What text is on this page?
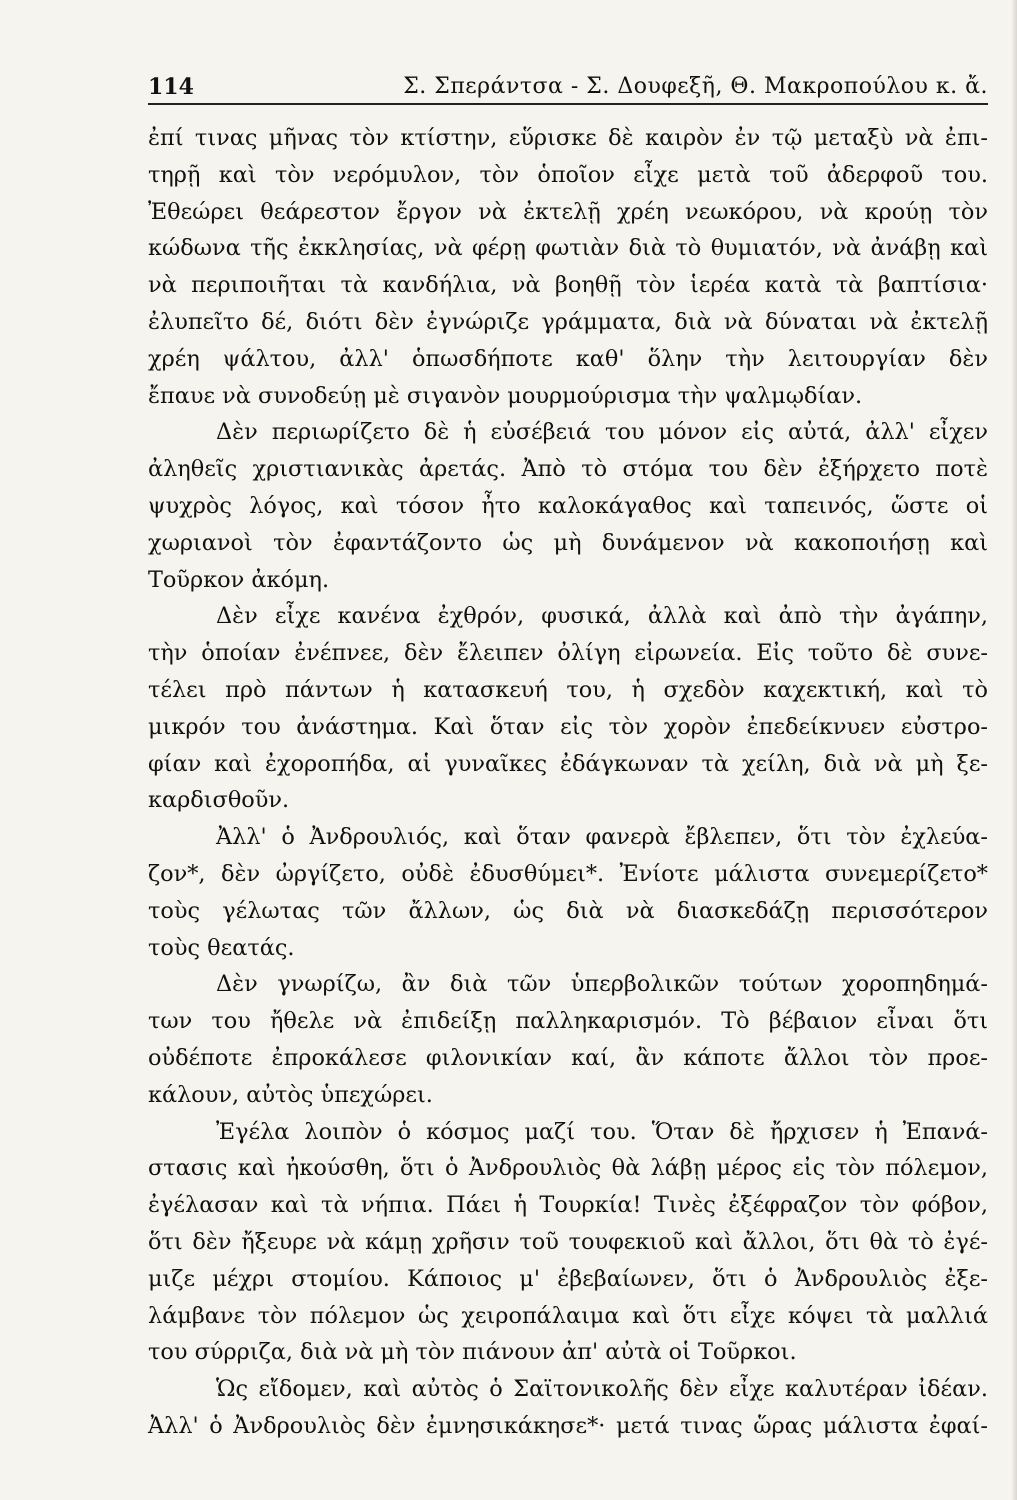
114	Σ. Σπεράντσα - Σ. Δουφεξῆ, Θ. Μακροπούλου κ. ἄ.
ἐπί τινας μῆνας τὸν κτίστην, εὕρισκε δὲ καιρὸν ἐν τῷ μεταξὺ νὰ ἐπι-
τηρῇ καὶ τὸν νερόμυλον, τὸν ὁποῖον εἶχε μετὰ τοῦ ἀδερφοῦ του.
Ἐθεώρει θεάρεστον ἔργον νὰ ἐκτελῇ χρέη νεωκόρου, νὰ κρούῃ τὸν
κώδωνα τῆς ἐκκλησίας, νὰ φέρῃ φωτιὰν διὰ τὸ θυμιατόν, νὰ ἀνάβῃ καὶ
νὰ περιποιῆται τὰ κανδήλια, νὰ βοηθῇ τὸν ἱερέα κατὰ τὰ βαπτίσια·
ἐλυπεῖτο δέ, διότι δὲν ἐγνώριζε γράμματα, διὰ νὰ δύναται νὰ ἐκτελῇ
χρέη ψάλτου, ἀλλ' ὁπωσδήποτε καθ' ὅλην τὴν λειτουργίαν δὲν
ἔπαυε νὰ συνοδεύῃ μὲ σιγανὸν μουρμούρισμα τὴν ψαλμῳδίαν.
Δὲν περιωρίζετο δὲ ἡ εὐσέβειά του μόνον εἰς αὐτά, ἀλλ' εἶχεν
ἀληθεῖς χριστιανικὰς ἀρετάς. Ἀπὸ τὸ στόμα του δὲν ἐξήρχετο ποτὲ
ψυχρὸς λόγος, καὶ τόσον ἦτο καλοκάγαθος καὶ ταπεινός, ὥστε οἱ
χωριανοὶ τὸν ἐφαντάζοντο ὡς μὴ δυνάμενον νὰ κακοποιήσῃ καὶ
Τοῦρκον ἀκόμη.
Δὲν εἶχε κανένα ἐχθρόν, φυσικά, ἀλλὰ καὶ ἀπὸ τὴν ἀγάπην,
τὴν ὁποίαν ἐνέπνεε, δὲν ἔλειπεν ὀλίγη εἰρωνεία. Εἰς τοῦτο δὲ συνε-
τέλει πρὸ πάντων ἡ κατασκευή του, ἡ σχεδὸν καχεκτική, καὶ τὸ
μικρόν του ἀνάστημα. Καὶ ὅταν εἰς τὸν χορὸν ἐπεδείκνυεν εὐστρο-
φίαν καὶ ἐχοροπήδα, αἱ γυναῖκες ἐδάγκωναν τὰ χείλη, διὰ νὰ μὴ ξε-
καρδισθοῦν.
Ἀλλ' ὁ Ἀνδρουλιός, καὶ ὅταν φανερὰ ἔβλεπεν, ὅτι τὸν ἐχλεύα-
ζον*, δὲν ὠργίζετο, οὐδὲ ἐδυσθύμει*. Ἐνίοτε μάλιστα συνεμερίζετο*
τοὺς γέλωτας τῶν ἄλλων, ὡς διὰ νὰ διασκεδάζῃ περισσότερον
τοὺς θεατάς.
Δὲν γνωρίζω, ἂν διὰ τῶν ὑπερβολικῶν τούτων χοροπηδημά-
των του ἤθελε νὰ ἐπιδείξῃ παλληκαρισμόν. Τὸ βέβαιον εἶναι ὅτι
οὐδέποτε ἐπροκάλεσε φιλονικίαν καί, ἂν κάποτε ἄλλοι τὸν προε-
κάλουν, αὐτὸς ὑπεχώρει.
Ἐγέλα λοιπὸν ὁ κόσμος μαζί του. Ὅταν δὲ ἤρχισεν ἡ Ἐπανά-
στασις καὶ ἠκούσθη, ὅτι ὁ Ἀνδρουλιὸς θὰ λάβῃ μέρος εἰς τὸν πόλεμον,
ἐγέλασαν καὶ τὰ νήπια. Πάει ἡ Τουρκία! Τινὲς ἐξέφραζον τὸν φόβον,
ὅτι δὲν ἤξευρε νὰ κάμῃ χρῆσιν τοῦ τουφεκιοῦ καὶ ἄλλοι, ὅτι θὰ τὸ ἐγέ-
μιζε μέχρι στομίου. Κάποιος μ' ἐβεβαίωνεν, ὅτι ὁ Ἀνδρουλιὸς ἐξε-
λάμβανε τὸν πόλεμον ὡς χειροπάλαιμα καὶ ὅτι εἶχε κόψει τὰ μαλλιά
του σύρριζα, διὰ νὰ μὴ τὸν πιάνουν ἀπ' αὐτὰ οἱ Τοῦρκοι.
Ὡς εἴδομεν, καὶ αὐτὸς ὁ Σαϊτονικολῆς δὲν εἶχε καλυτέραν ἰδέαν.
Ἀλλ' ὁ Ἀνδρουλιὸς δὲν ἐμνησικάκησε*· μετά τινας ὥρας μάλιστα ἐφαί-
